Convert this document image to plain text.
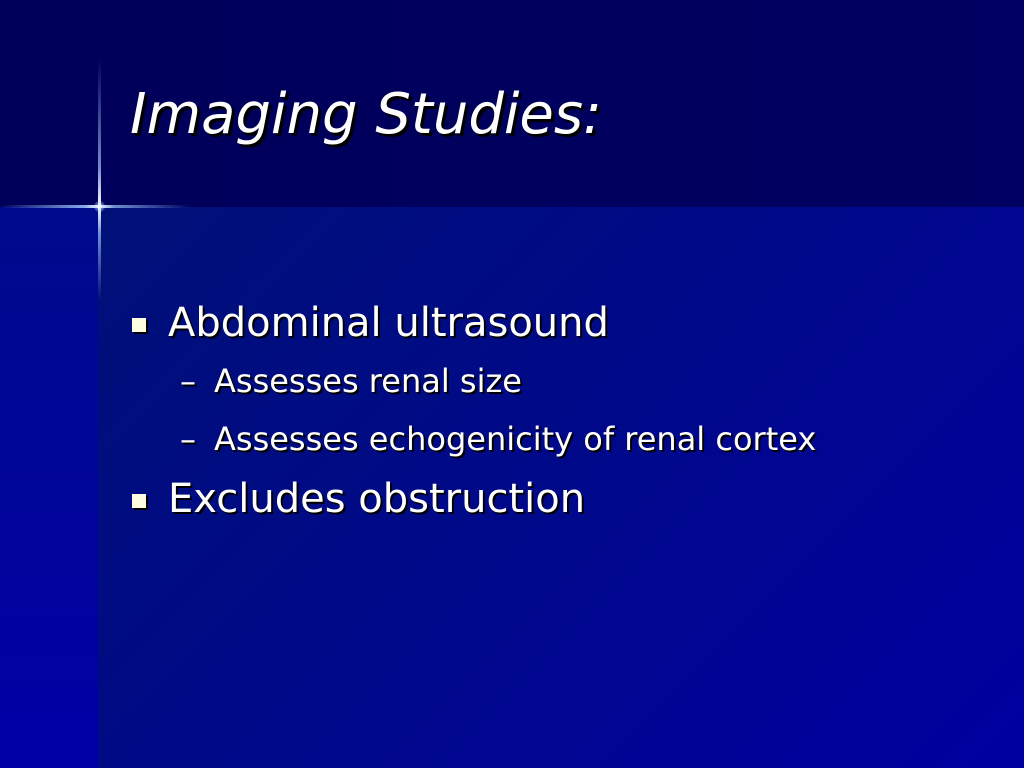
Imaging Studies:
Abdominal ultrasound
– Assesses renal size
– Assesses echogenicity of renal cortex
Excludes obstruction
